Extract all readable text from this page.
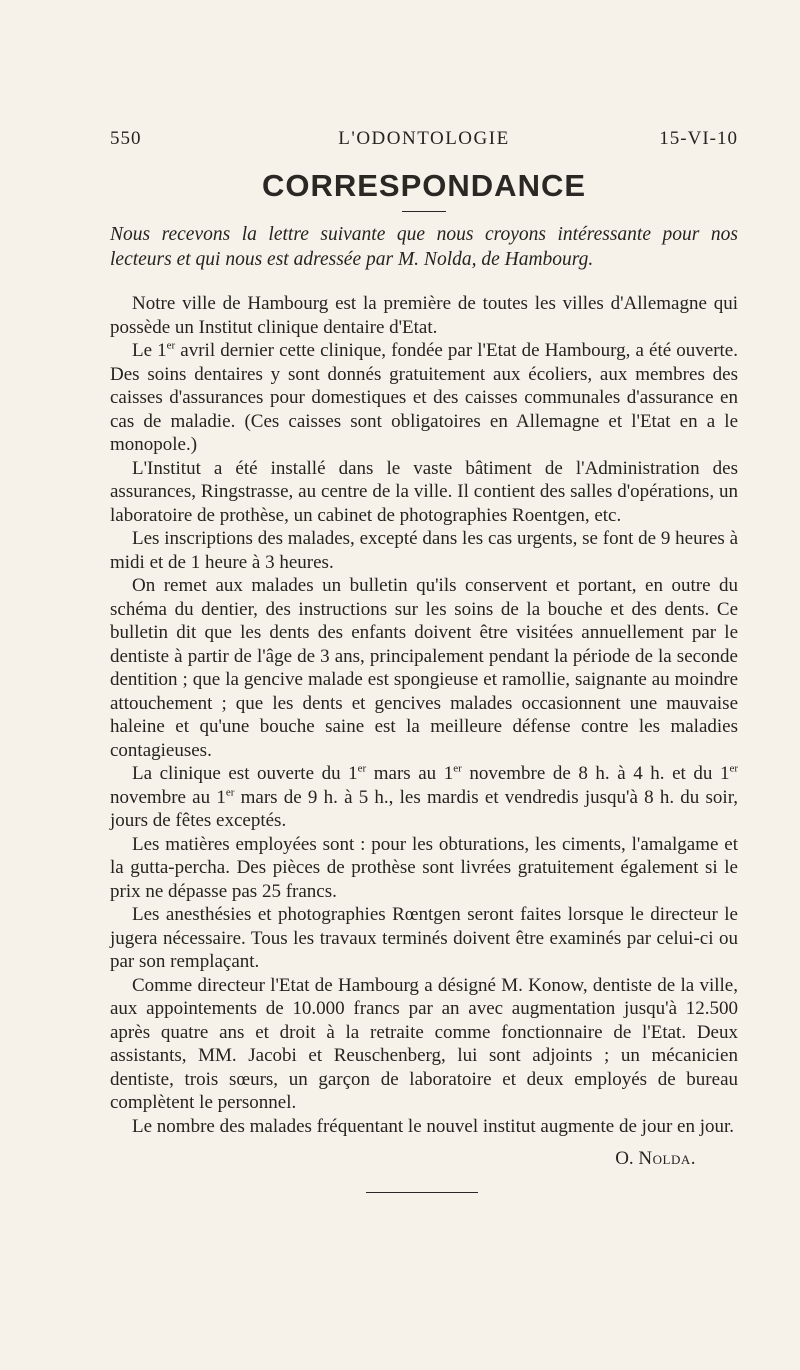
550	L'ODONTOLOGIE	15-VI-10
CORRESPONDANCE

Nous recevons la lettre suivante que nous croyons intéressante pour nos lecteurs et qui nous est adressée par M. Nolda, de Hambourg.

Notre ville de Hambourg est la première de toutes les villes d'Allemagne qui possède un Institut clinique dentaire d'Etat.

Le 1er avril dernier cette clinique, fondée par l'Etat de Hambourg, a été ouverte. Des soins dentaires y sont donnés gratuitement aux écoliers, aux membres des caisses d'assurances pour domestiques et des caisses communales d'assurance en cas de maladie. (Ces caisses sont obligatoires en Allemagne et l'Etat en a le monopole.)

L'Institut a été installé dans le vaste bâtiment de l'Administration des assurances, Ringstrasse, au centre de la ville. Il contient des salles d'opérations, un laboratoire de prothèse, un cabinet de photographies Roentgen, etc.

Les inscriptions des malades, excepté dans les cas urgents, se font de 9 heures à midi et de 1 heure à 3 heures.

On remet aux malades un bulletin qu'ils conservent et portant, en outre du schéma du dentier, des instructions sur les soins de la bouche et des dents. Ce bulletin dit que les dents des enfants doivent être visitées annuellement par le dentiste à partir de l'âge de 3 ans, principalement pendant la période de la seconde dentition ; que la gencive malade est spongieuse et ramollie, saignante au moindre attouchement ; que les dents et gencives malades occasionnent une mauvaise haleine et qu'une bouche saine est la meilleure défense contre les maladies contagieuses.

La clinique est ouverte du 1er mars au 1er novembre de 8 h. à 4 h. et du 1er novembre au 1er mars de 9 h. à 5 h., les mardis et vendredis jusqu'à 8 h. du soir, jours de fêtes exceptés.

Les matières employées sont : pour les obturations, les ciments, l'amalgame et la gutta-percha. Des pièces de prothèse sont livrées gratuitement également si le prix ne dépasse pas 25 francs.

Les anesthésies et photographies Rœntgen seront faites lorsque le directeur le jugera nécessaire. Tous les travaux terminés doivent être examinés par celui-ci ou par son remplaçant.

Comme directeur l'Etat de Hambourg a désigné M. Konow, dentiste de la ville, aux appointements de 10.000 francs par an avec augmentation jusqu'à 12.500 après quatre ans et droit à la retraite comme fonctionnaire de l'Etat. Deux assistants, MM. Jacobi et Reuschenberg, lui sont adjoints ; un mécanicien dentiste, trois sœurs, un garçon de laboratoire et deux employés de bureau complètent le personnel.

Le nombre des malades fréquentant le nouvel institut augmente de jour en jour.

O. Nolda.
